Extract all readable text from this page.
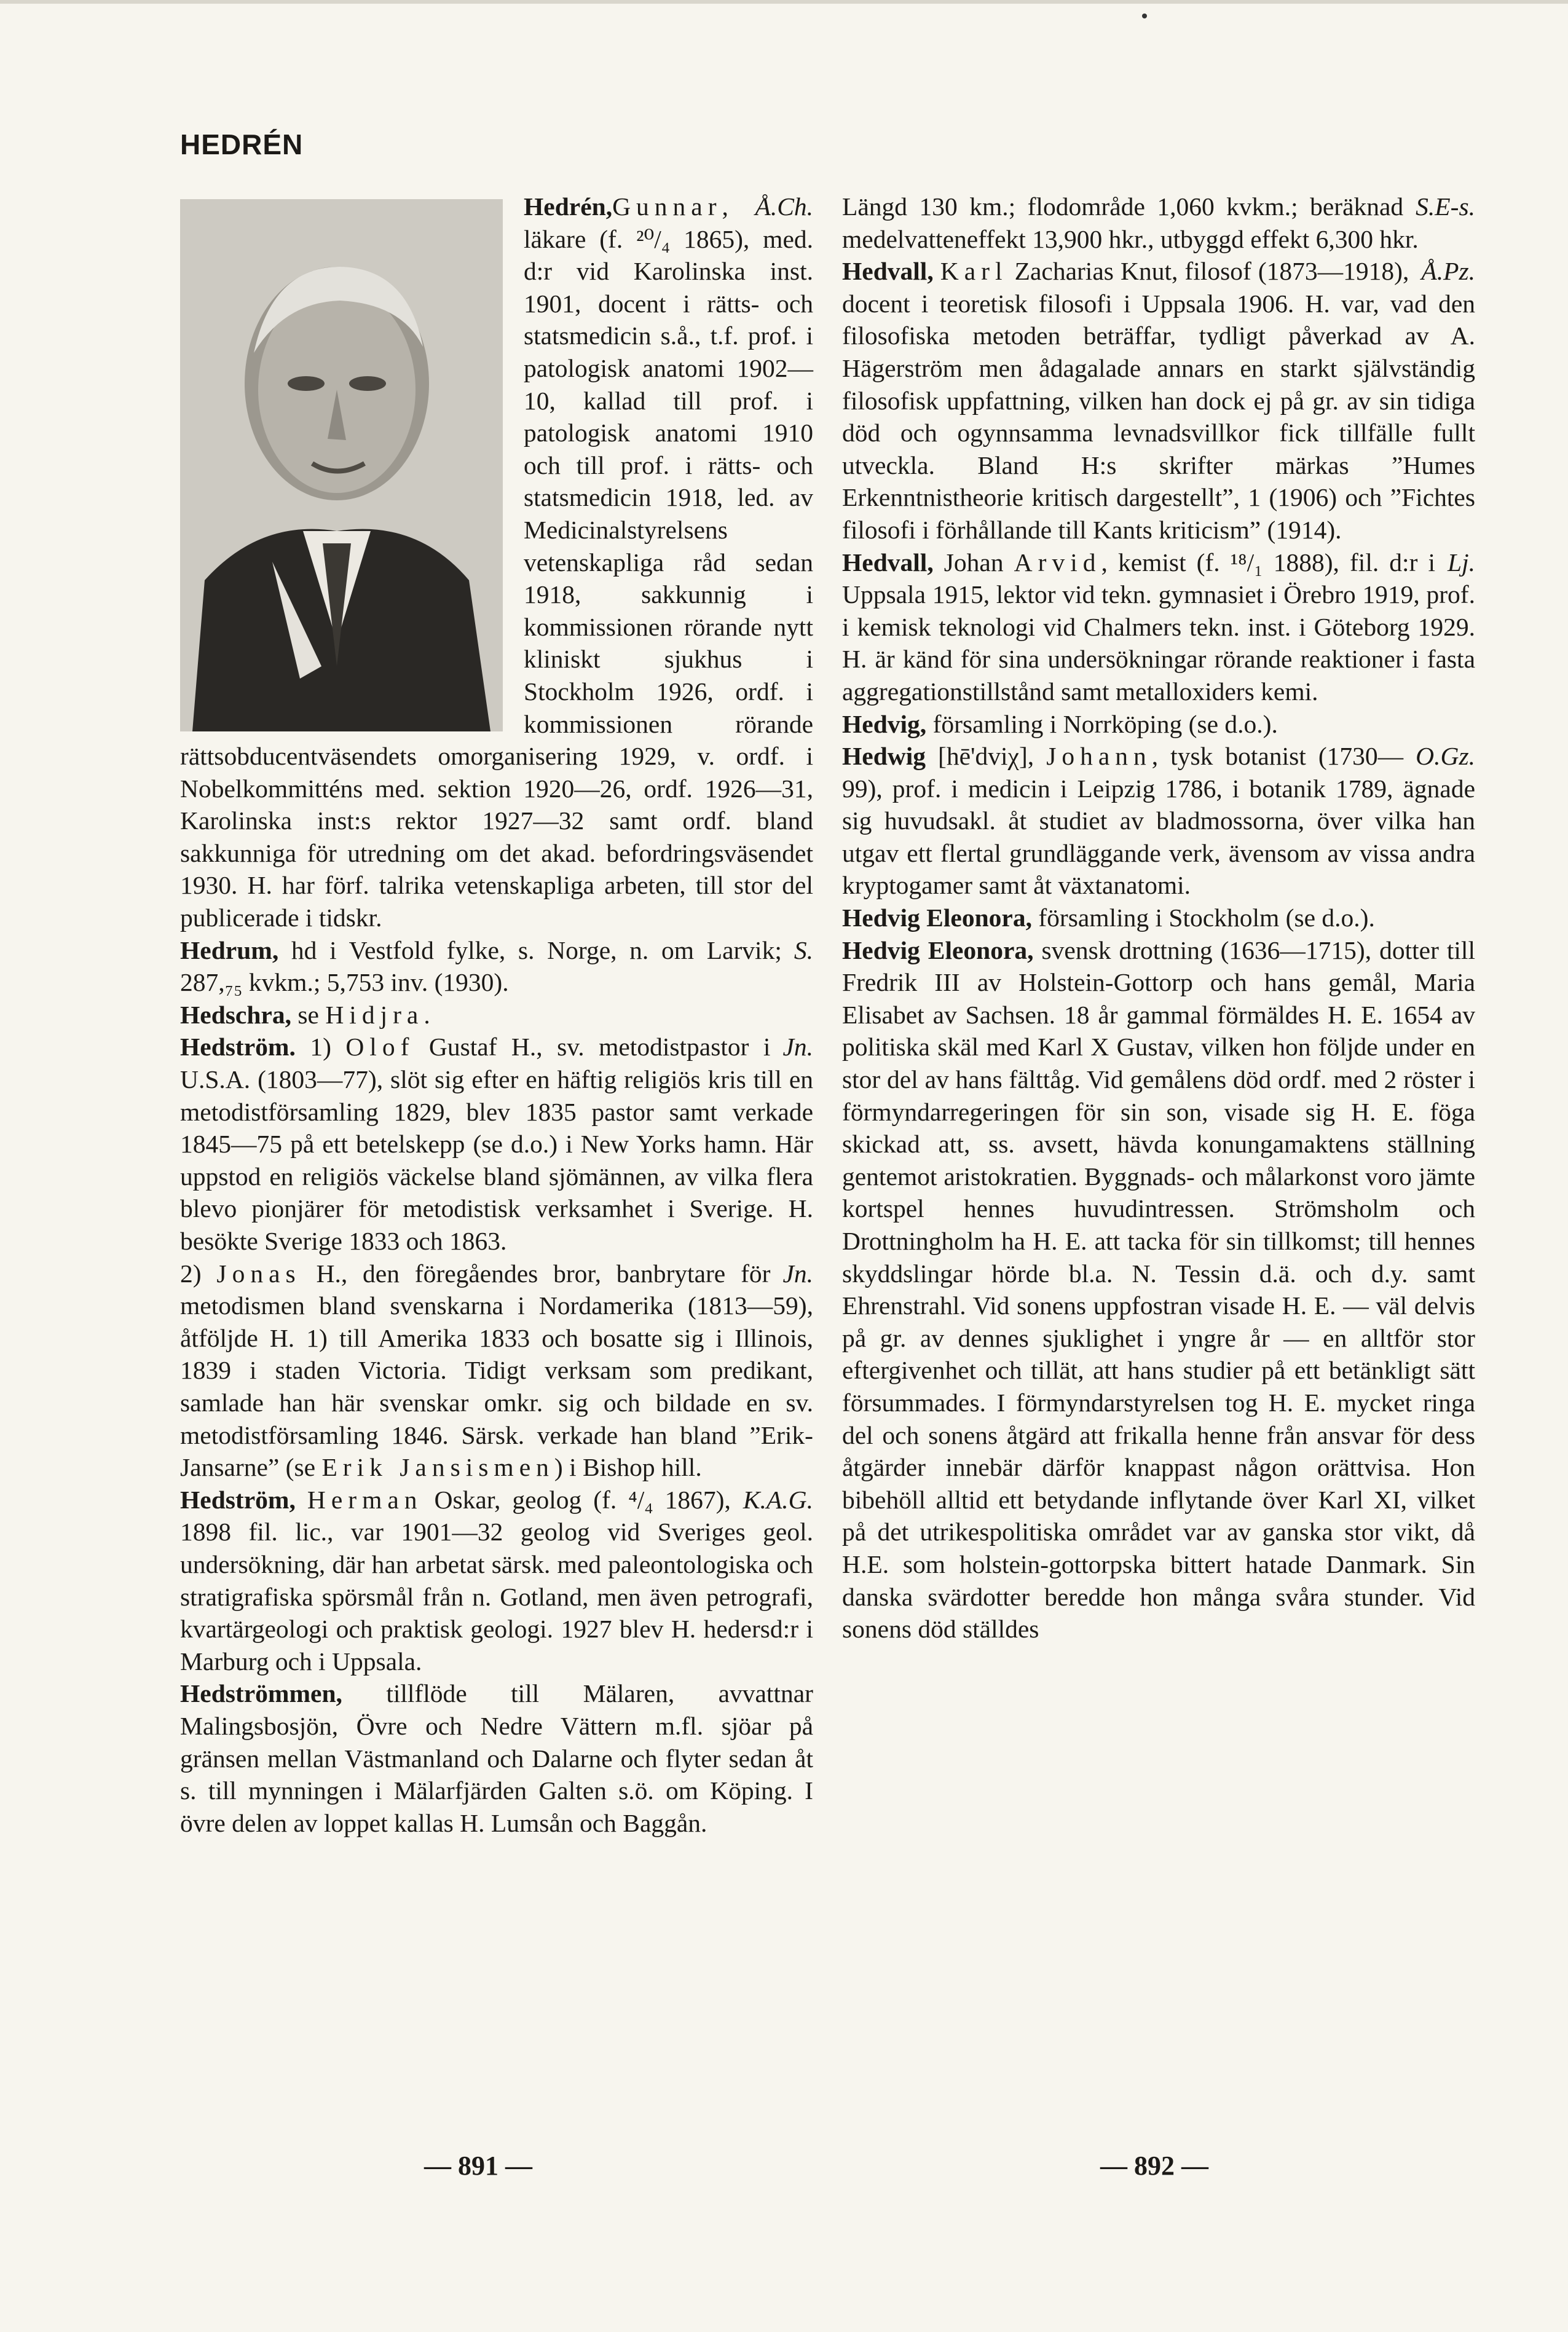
HEDRÉN

Å.Ch.
Hedrén,Gunnar, läkare (f. ²⁰/₄ 1865), med. d:r vid Karolinska inst. 1901, docent i rätts- och statsmedicin s.å., t.f. prof. i patologisk anatomi 1902—10, kallad till prof. i patologisk anatomi 1910 och till prof. i rätts- och statsmedicin 1918, led. av Medicinalstyrelsens vetenskapliga råd sedan 1918, sakkunnig i kommissionen rörande nytt kliniskt sjukhus i Stockholm 1926, ordf. i kommissionen rörande rättsobducentväsendets omorganisering 1929, v. ordf. i Nobelkommitténs med. sektion 1920—26, ordf. 1926—31, Karolinska inst:s rektor 1927—32 samt ordf. bland sakkunniga för utredning om det akad. befordringsväsendet 1930. H. har förf. talrika vetenskapliga arbeten, till stor del publicerade i tidskr.

S.
Hedrum, hd i Vestfold fylke, s. Norge, n. om Larvik; 287,₇₅ kvkm.; 5,753 inv. (1930).

Hedschra, se Hidjra.

Jn.
Hedström. 1) Olof Gustaf H., sv. metodistpastor i U.S.A. (1803—77), slöt sig efter en häftig religiös kris till en metodistförsamling 1829, blev 1835 pastor samt verkade 1845—75 på ett betelskepp (se d.o.) i New Yorks hamn. Här uppstod en religiös väckelse bland sjömännen, av vilka flera blevo pionjärer för metodistisk verksamhet i Sverige. H. besökte Sverige 1833 och 1863.

Jn.
2) Jonas H., den föregåendes bror, banbrytare för metodismen bland svenskarna i Nordamerika (1813—59), åtföljde H. 1) till Amerika 1833 och bosatte sig i Illinois, 1839 i staden Victoria. Tidigt verksam som predikant, samlade han här svenskar omkr. sig och bildade en sv. metodistförsamling 1846. Särsk. verkade han bland ”Erik-Jansarne” (se Erik Jansismen) i Bishop hill.

K.A.G.
Hedström, Herman Oskar, geolog (f. ⁴/₄ 1867), 1898 fil. lic., var 1901—32 geolog vid Sveriges geol. undersökning, där han arbetat särsk. med paleontologiska och stratigrafiska spörsmål från n. Gotland, men även petrografi, kvartärgeologi och praktisk geologi. 1927 blev H. hedersd:r i Marburg och i Uppsala.

Hedströmmen, tillflöde till Mälaren, avvattnar Malingsbosjön, Övre och Nedre Vättern m.fl. sjöar på gränsen mellan Västmanland och Dalarne och flyter sedan åt s. till mynningen i Mälarfjärden Galten s.ö. om Köping. I övre delen av loppet kallas H. Lumsån och Baggån.

S.E-s.
Längd 130 km.; flodområde 1,060 kvkm.; beräknad medelvatteneffekt 13,900 hkr., utbyggd effekt 6,300 hkr.

Å.Pz.
Hedvall, Karl Zacharias Knut, filosof (1873—1918), docent i teoretisk filosofi i Uppsala 1906. H. var, vad den filosofiska metoden beträffar, tydligt påverkad av A. Hägerström men ådagalade annars en starkt självständig filosofisk uppfattning, vilken han dock ej på gr. av sin tidiga död och ogynnsamma levnadsvillkor fick tillfälle fullt utveckla. Bland H:s skrifter märkas ”Humes Erkenntnistheorie kritisch dargestellt”, 1 (1906) och ”Fichtes filosofi i förhållande till Kants kriticism” (1914).

Lj.
Hedvall, Johan Arvid, kemist (f. ¹⁸/₁ 1888), fil. d:r i Uppsala 1915, lektor vid tekn. gymnasiet i Örebro 1919, prof. i kemisk teknologi vid Chalmers tekn. inst. i Göteborg 1929. H. är känd för sina undersökningar rörande reaktioner i fasta aggregationstillstånd samt metalloxiders kemi.

Hedvig, församling i Norrköping (se d.o.).

O.Gz.
Hedwig [hē'dviχ], Johann, tysk botanist (1730—99), prof. i medicin i Leipzig 1786, i botanik 1789, ägnade sig huvudsakl. åt studiet av bladmossorna, över vilka han utgav ett flertal grundläggande verk, ävensom av vissa andra kryptogamer samt åt växtanatomi.

Hedvig Eleonora, församling i Stockholm (se d.o.).

Hedvig Eleonora, svensk drottning (1636—1715), dotter till Fredrik III av Holstein-Gottorp och hans gemål, Maria Elisabet av Sachsen. 18 år gammal förmäldes H. E. 1654 av politiska skäl med Karl X Gustav, vilken hon följde under en stor del av hans fälttåg. Vid gemålens död ordf. med 2 röster i förmyndarregeringen för sin son, visade sig H. E. föga skickad att, ss. avsett, hävda konungamaktens ställning gentemot aristokratien. Byggnads- och målarkonst voro jämte kortspel hennes huvudintressen. Strömsholm och Drottningholm ha H. E. att tacka för sin tillkomst; till hennes skyddslingar hörde bl.a. N. Tessin d.ä. och d.y. samt Ehrenstrahl. Vid sonens uppfostran visade H. E. — väl delvis på gr. av dennes sjuklighet i yngre år — en alltför stor eftergivenhet och tillät, att hans studier på ett betänkligt sätt försummades. I förmyndarstyrelsen tog H. E. mycket ringa del och sonens åtgärd att frikalla henne från ansvar för dess åtgärder innebär därför knappast någon orättvisa. Hon bibehöll alltid ett betydande inflytande över Karl XI, vilket på det utrikespolitiska området var av ganska stor vikt, då H.E. som holstein-gottorpska bittert hatade Danmark. Sin danska svärdotter beredde hon många svåra stunder. Vid sonens död ställdes

— 891 —	— 892 —
